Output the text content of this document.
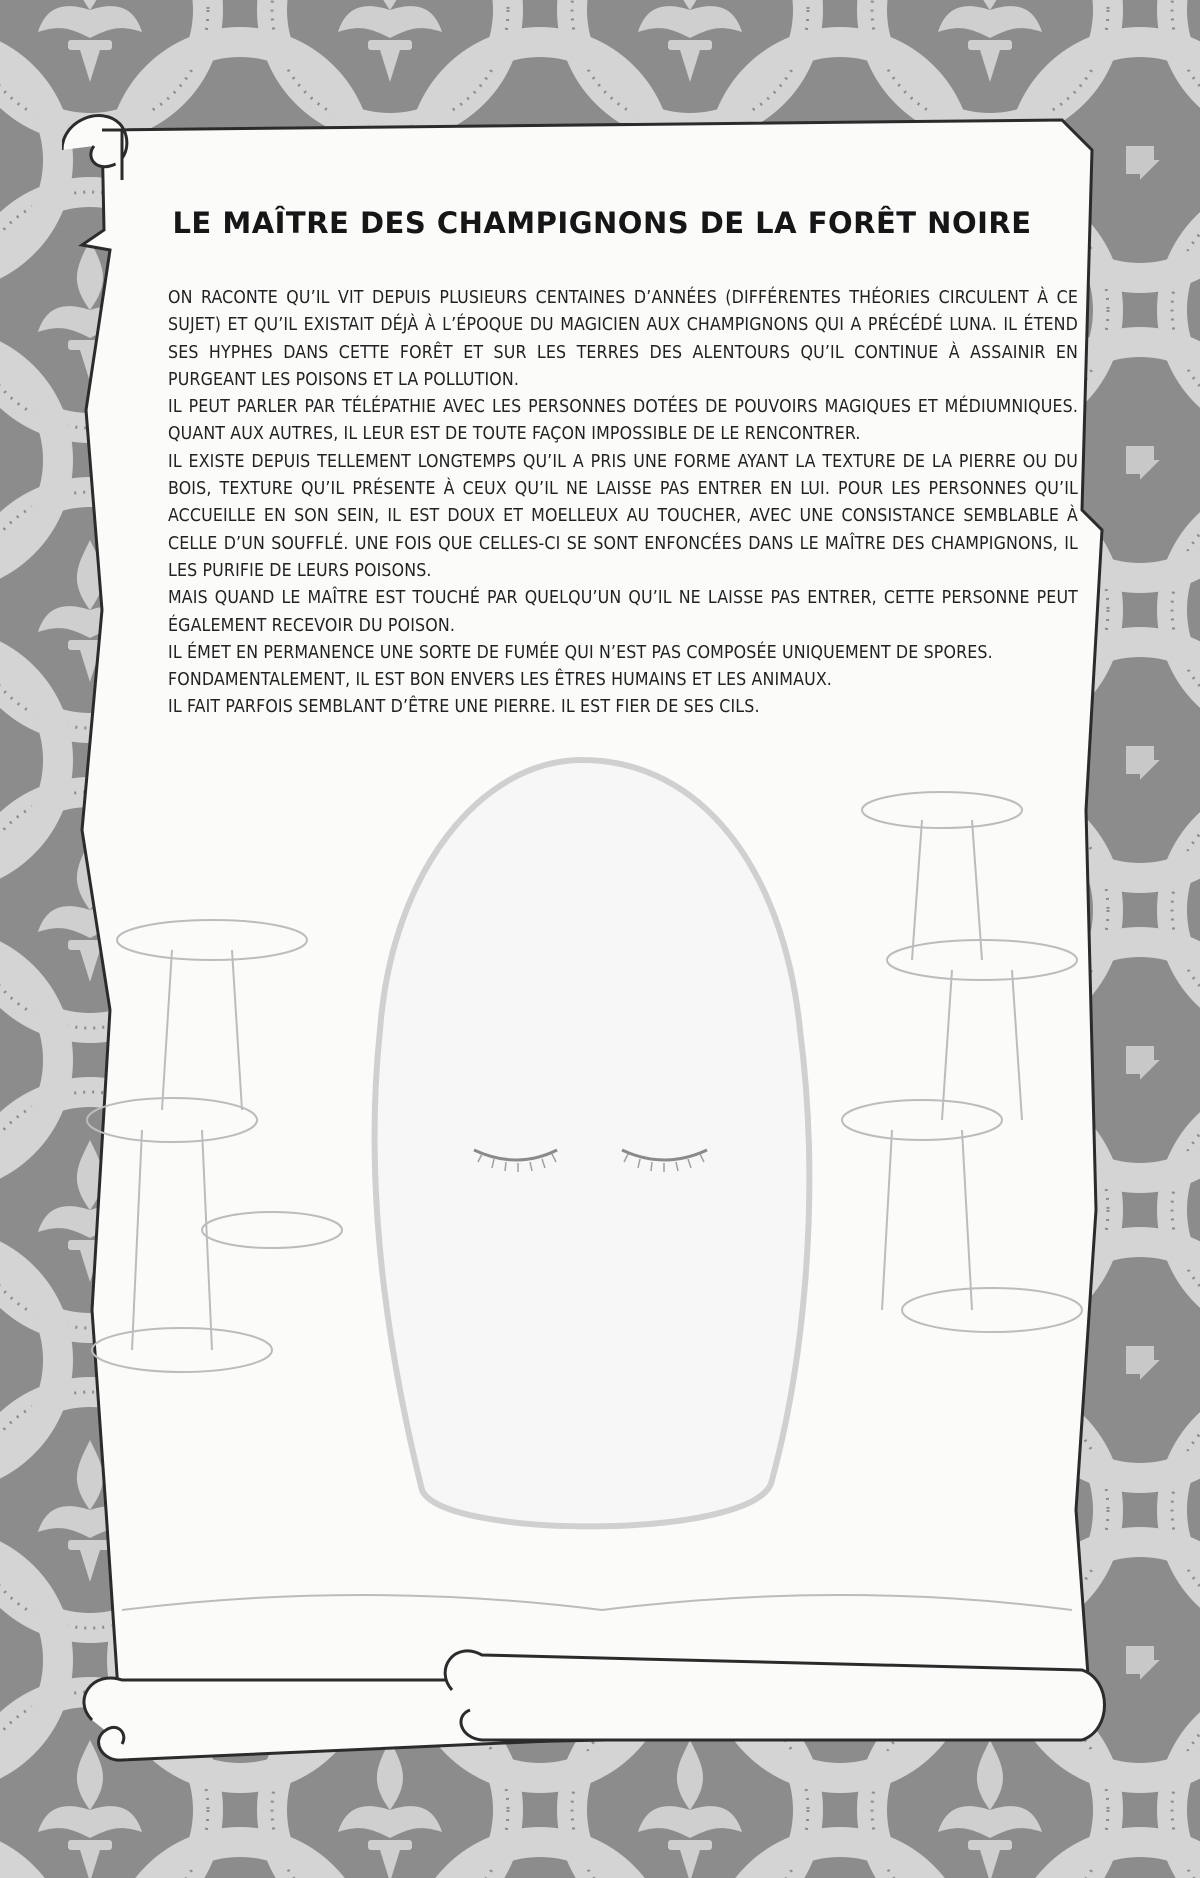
LE MAÎTRE DES CHAMPIGNONS DE LA FORÊT NOIRE

ON RACONTE QU’IL VIT DEPUIS PLUSIEURS CENTAINES D’ANNÉES (DIFFÉRENTES THÉORIES CIRCULENT À CE SUJET) ET QU’IL EXISTAIT DÉJÀ À L’ÉPOQUE DU MAGICIEN AUX CHAMPIGNONS QUI A PRÉCÉDÉ LUNA. IL ÉTEND SES HYPHES DANS CETTE FORÊT ET SUR LES TERRES DES ALENTOURS QU’IL CONTINUE À ASSAINIR EN PURGEANT LES POISONS ET LA POLLUTION.

IL PEUT PARLER PAR TÉLÉPATHIE AVEC LES PERSONNES DOTÉES DE POUVOIRS MAGIQUES ET MÉDIUMNIQUES. QUANT AUX AUTRES, IL LEUR EST DE TOUTE FAÇON IMPOSSIBLE DE LE RENCONTRER.

IL EXISTE DEPUIS TELLEMENT LONGTEMPS QU’IL A PRIS UNE FORME AYANT LA TEXTURE DE LA PIERRE OU DU BOIS, TEXTURE QU’IL PRÉSENTE À CEUX QU’IL NE LAISSE PAS ENTRER EN LUI. POUR LES PERSONNES QU’IL ACCUEILLE EN SON SEIN, IL EST DOUX ET MOELLEUX AU TOUCHER, AVEC UNE CONSISTANCE SEMBLABLE À CELLE D’UN SOUFFLÉ. UNE FOIS QUE CELLES-CI SE SONT ENFONCÉES DANS LE MAÎTRE DES CHAMPIGNONS, IL LES PURIFIE DE LEURS POISONS.

MAIS QUAND LE MAÎTRE EST TOUCHÉ PAR QUELQU’UN QU’IL NE LAISSE PAS ENTRER, CETTE PERSONNE PEUT ÉGALEMENT RECEVOIR DU POISON.

IL ÉMET EN PERMANENCE UNE SORTE DE FUMÉE QUI N’EST PAS COMPOSÉE UNIQUEMENT DE SPORES.

FONDAMENTALEMENT, IL EST BON ENVERS LES ÊTRES HUMAINS ET LES ANIMAUX.

IL FAIT PARFOIS SEMBLANT D’ÊTRE UNE PIERRE. IL EST FIER DE SES CILS.
